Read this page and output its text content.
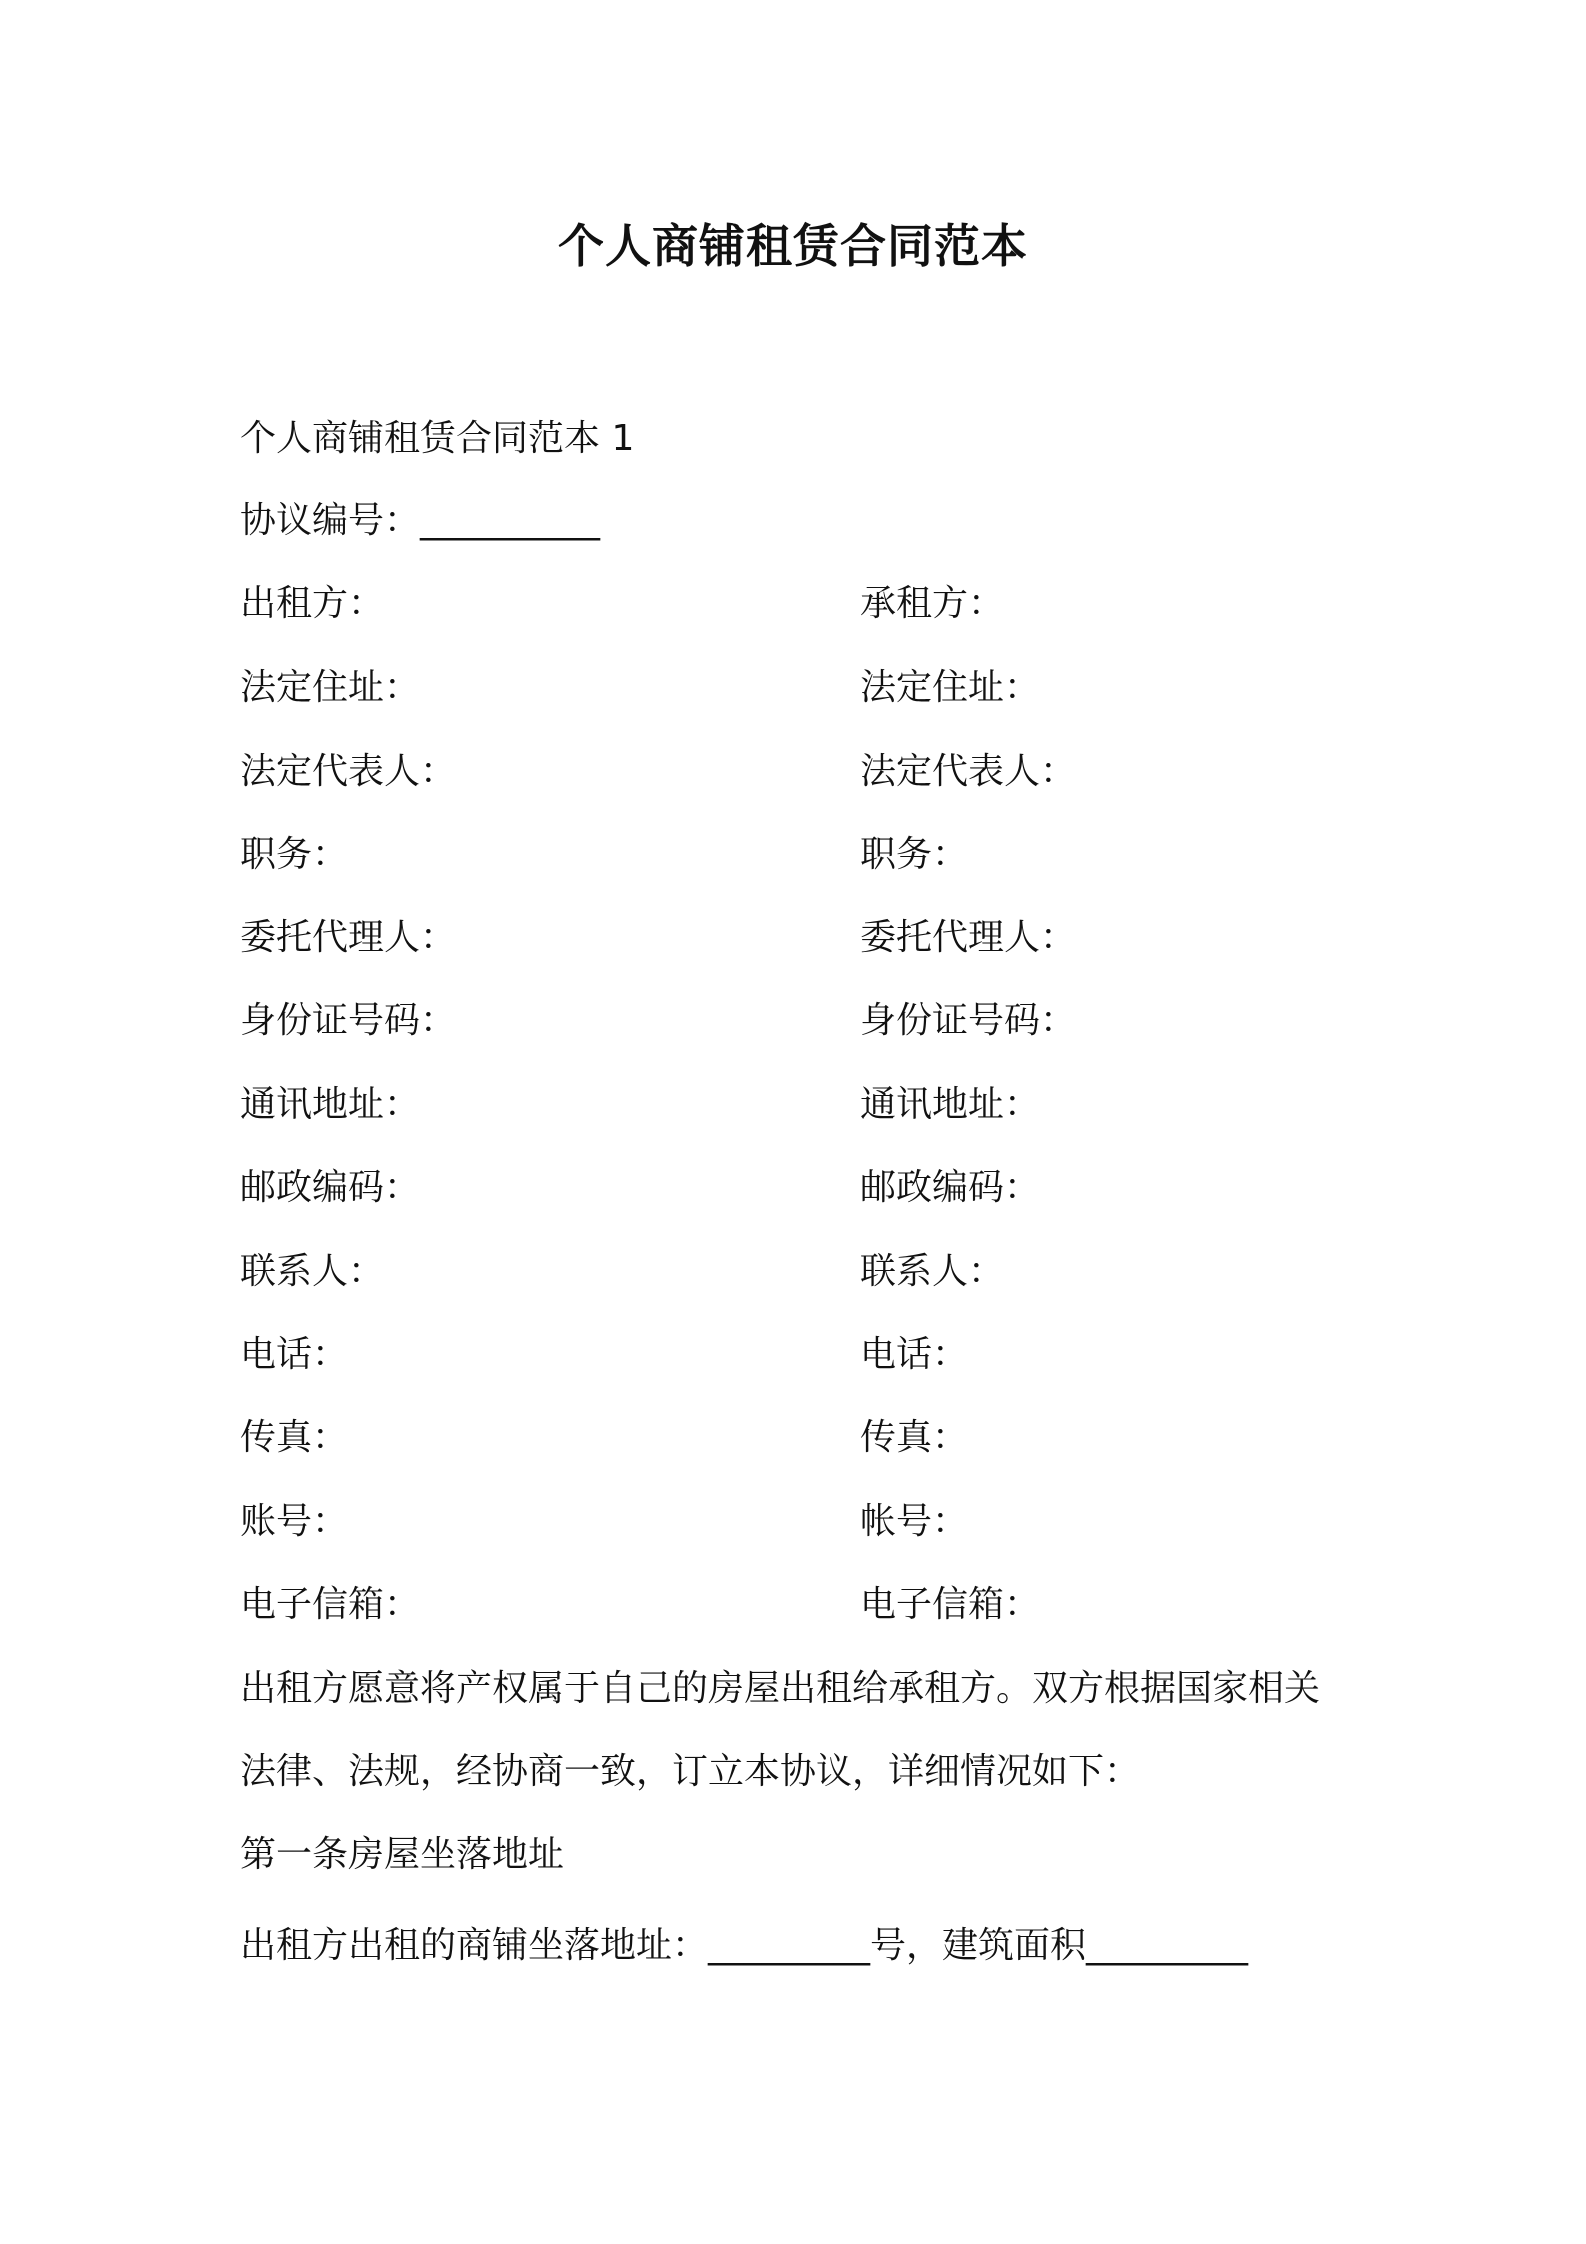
个人商铺租赁合同范本
个人商铺租赁合同范本 1
协议编号：__________
出租方：	承租方：
法定住址：	法定住址：
法定代表人：	法定代表人：
职务：	职务：
委托代理人：	委托代理人：
身份证号码：	身份证号码：
通讯地址：	通讯地址：
邮政编码：	邮政编码：
联系人：	联系人：
电话：	电话：
传真：	传真：
账号：	帐号：
电子信箱：	电子信箱：
出租方愿意将产权属于自己的房屋出租给承租方。双方根据国家相关
法律、法规，经协商一致，订立本协议，详细情况如下：
第一条房屋坐落地址
出租方出租的商铺坐落地址：_________号，建筑面积_________
